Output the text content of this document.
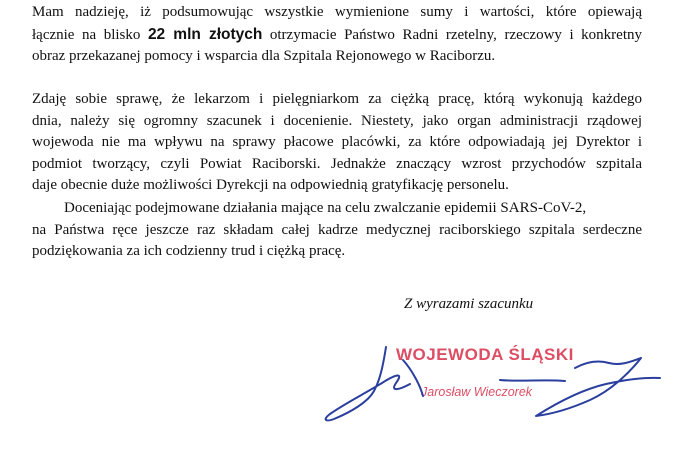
Mam nadzieję, iż podsumowując wszystkie wymienione sumy i wartości, które opiewają
łącznie na blisko 22 mln złotych otrzymacie Państwo Radni rzetelny, rzeczowy i konkretny
obraz przekazanej pomocy i wsparcia dla Szpitala Rejonowego w Raciborzu.
Zdaję sobie sprawę, że lekarzom i pielęgniarkom za ciężką pracę, którą wykonują każdego
dnia, należy się ogromny szacunek i docenienie. Niestety, jako organ administracji rządowej
wojewoda nie ma wpływu na sprawy płacowe placówki, za które odpowiadają jej Dyrektor i
podmiot tworzący, czyli Powiat Raciborski. Jednakże znaczący wzrost przychodów szpitala
daje obecnie duże możliwości Dyrekcji na odpowiednią gratyfikację personelu.
Doceniając podejmowane działania mające na celu zwalczanie epidemii SARS-CoV-2,
na Państwa ręce jeszcze raz składam całej kadrze medycznej raciborskiego szpitala serdeczne
podziękowania za ich codzienny trud i ciężką pracę.
Z wyrazami szacunku
WOJEWODA ŚLĄSKI
Jarosław Wieczorek
